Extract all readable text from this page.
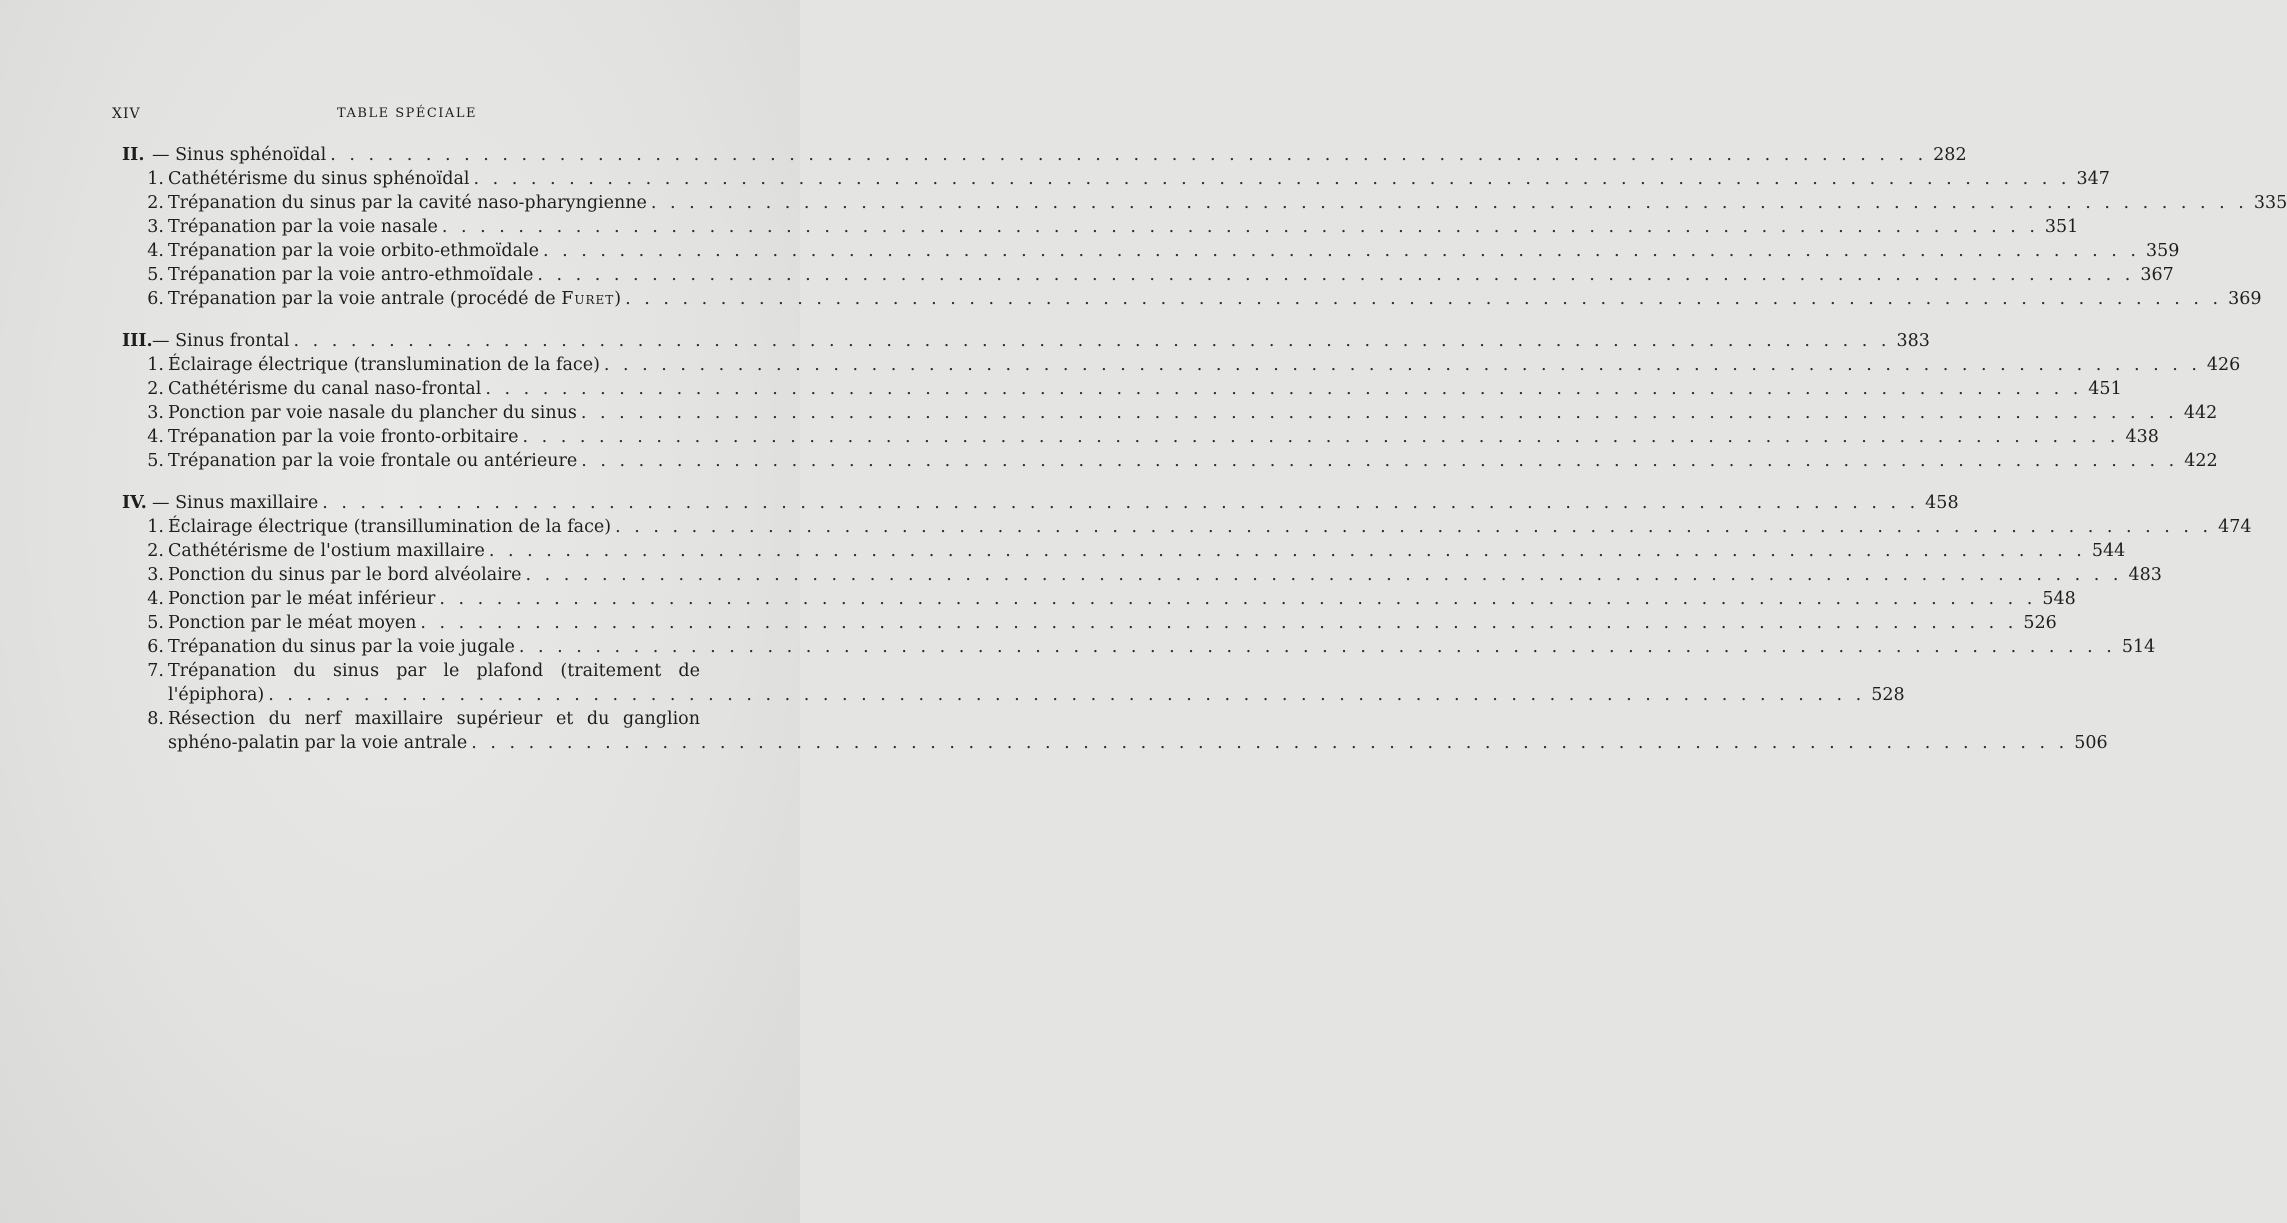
XIV	TABLE SPÉCIALE
II. — Sinus sphénoïdal . . .	282
1. Cathétérisme du sinus sphénoïdal . . .	347
2. Trépanation du sinus par la cavité naso-pharyngienne . . .	335
3. Trépanation par la voie nasale . . .	351
4. Trépanation par la voie orbito-ethmoïdale . . .	359
5. Trépanation par la voie antro-ethmoïdale . . .	367
6. Trépanation par la voie antrale (procédé de Furet) . . .	369
III. — Sinus frontal . . .	383
1. Éclairage électrique (translumination de la face) . . .	426
2. Cathétérisme du canal naso-frontal . . .	451
3. Ponction par voie nasale du plancher du sinus . . .	442
4. Trépanation par la voie fronto-orbitaire . . .	438
5. Trépanation par la voie frontale ou antérieure . . .	422
IV. — Sinus maxillaire . . .	458
1. Éclairage électrique (transillumination de la face) . . .	474
2. Cathétérisme de l'ostium maxillaire . . .	544
3. Ponction du sinus par le bord alvéolaire . . .	483
4. Ponction par le méat inférieur . . .	548
5. Ponction par le méat moyen . . .	526
6. Trépanation du sinus par la voie jugale . . .	514
7. Trépanation du sinus par le plafond (traitement de
l'épiphora) . . .	528
8. Résection du nerf maxillaire supérieur et du ganglion
sphéno-palatin par la voie antrale . . .	506
